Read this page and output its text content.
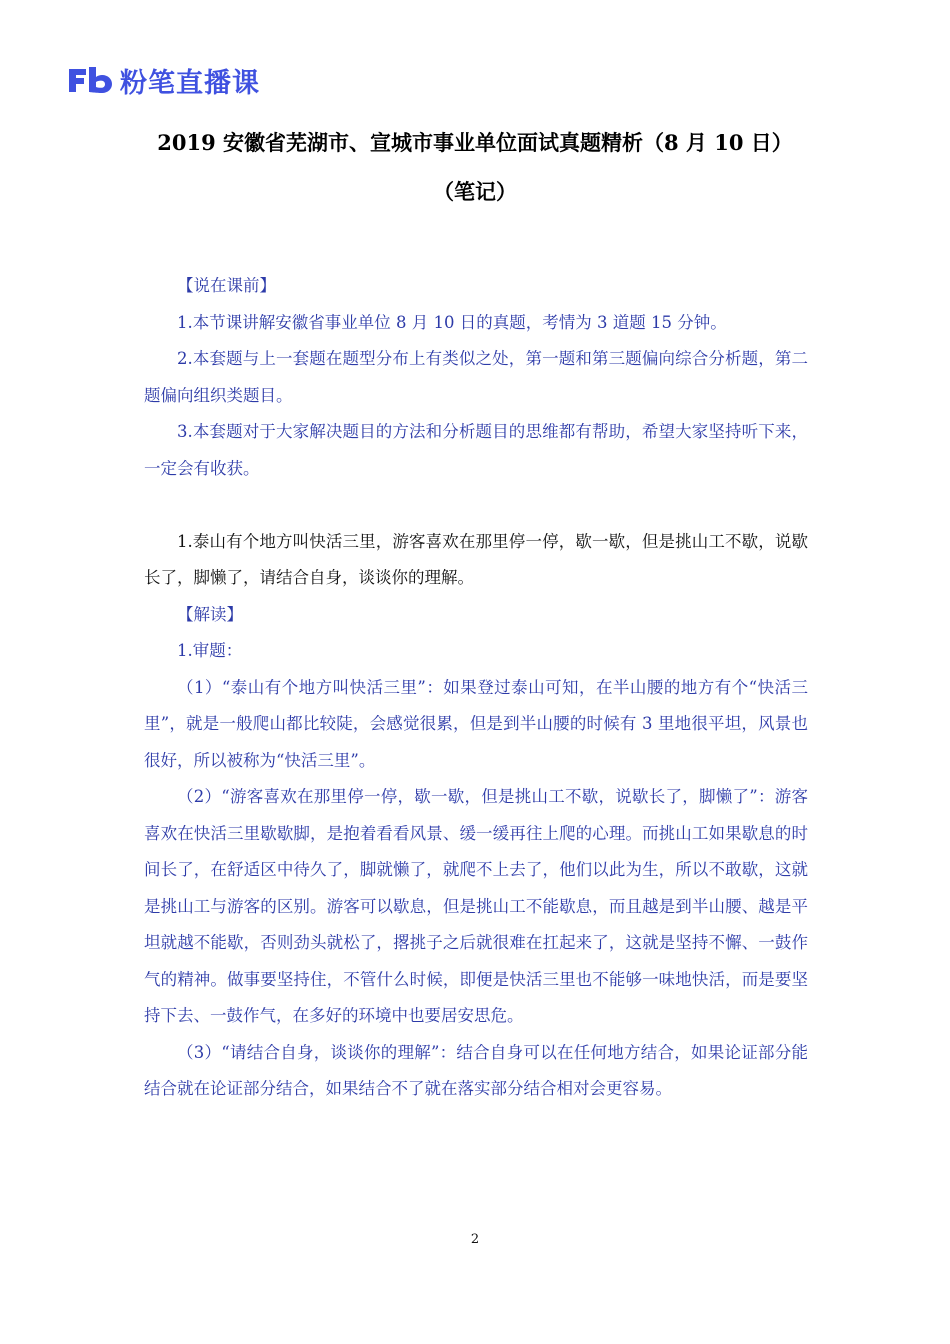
粉笔直播课
2019 安徽省芜湖市、宣城市事业单位面试真题精析（8 月 10 日）
（笔记）

【说在课前】

1.本节课讲解安徽省事业单位 8 月 10 日的真题，考情为 3 道题 15 分钟。

2.本套题与上一套题在题型分布上有类似之处，第一题和第三题偏向综合分析题，第二题偏向组织类题目。

3.本套题对于大家解决题目的方法和分析题目的思维都有帮助，希望大家坚持听下来，一定会有收获。

1.泰山有个地方叫快活三里，游客喜欢在那里停一停，歇一歇，但是挑山工不歇，说歇长了，脚懒了，请结合自身，谈谈你的理解。

【解读】

1.审题：

（1）“泰山有个地方叫快活三里”：如果登过泰山可知，在半山腰的地方有个“快活三里”，就是一般爬山都比较陡，会感觉很累，但是到半山腰的时候有 3 里地很平坦，风景也很好，所以被称为“快活三里”。

（2）“游客喜欢在那里停一停，歇一歇，但是挑山工不歇，说歇长了，脚懒了”：游客喜欢在快活三里歇歇脚，是抱着看看风景、缓一缓再往上爬的心理。而挑山工如果歇息的时间长了，在舒适区中待久了，脚就懒了，就爬不上去了，他们以此为生，所以不敢歇，这就是挑山工与游客的区别。游客可以歇息，但是挑山工不能歇息，而且越是到半山腰、越是平坦就越不能歇，否则劲头就松了，撂挑子之后就很难在扛起来了，这就是坚持不懈、一鼓作气的精神。做事要坚持住，不管什么时候，即便是快活三里也不能够一味地快活，而是要坚持下去、一鼓作气，在多好的环境中也要居安思危。

（3）“请结合自身，谈谈你的理解”：结合自身可以在任何地方结合，如果论证部分能结合就在论证部分结合，如果结合不了就在落实部分结合相对会更容易。

2
